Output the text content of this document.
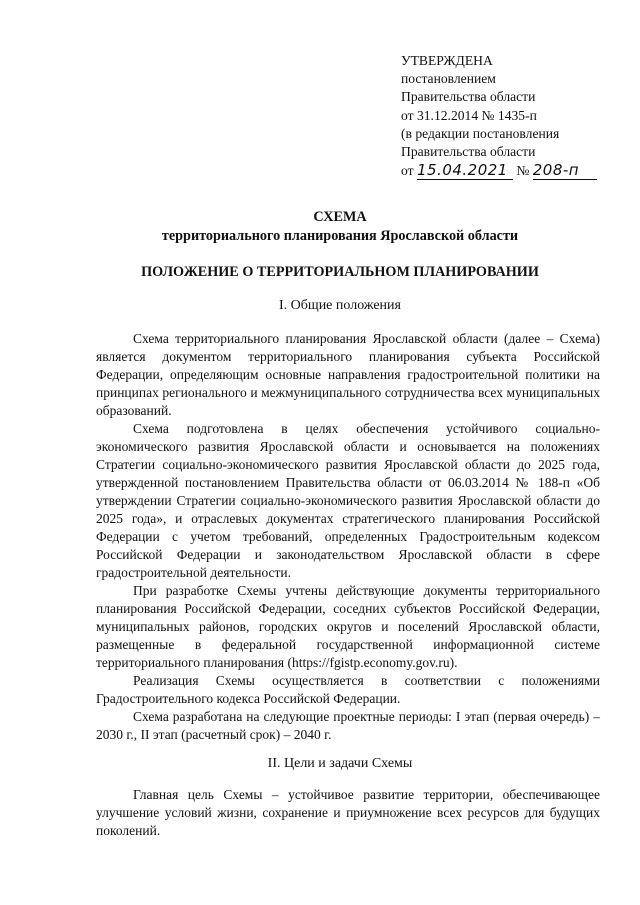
УТВЕРЖДЕНА
постановлением
Правительства области
от 31.12.2014 № 1435-п
(в редакции постановления
Правительства области
от 15.04.2021 № 208-п
СХЕМА
территориального планирования Ярославской области
ПОЛОЖЕНИЕ О ТЕРРИТОРИАЛЬНОМ ПЛАНИРОВАНИИ
I. Общие положения

Схема территориального планирования Ярославской области (далее – Схема) является документом территориального планирования субъекта Российской Федерации, определяющим основные направления градостроительной политики на принципах регионального и межмуниципального сотрудничества всех муниципальных образований.

Схема подготовлена в целях обеспечения устойчивого социально-экономического развития Ярославской области и основывается на положениях Стратегии социально-экономического развития Ярославской области до 2025 года, утвержденной постановлением Правительства области от 06.03.2014 № 188-п «Об утверждении Стратегии социально-экономического развития Ярославской области до 2025 года», и отраслевых документах стратегического планирования Российской Федерации с учетом требований, определенных Градостроительным кодексом Российской Федерации и законодательством Ярославской области в сфере градостроительной деятельности.

При разработке Схемы учтены действующие документы территориального планирования Российской Федерации, соседних субъектов Российской Федерации, муниципальных районов, городских округов и поселений Ярославской области, размещенные в федеральной государственной информационной системе территориального планирования (https://fgistp.economy.gov.ru).

Реализация Схемы осуществляется в соответствии с положениями Градостроительного кодекса Российской Федерации.

Схема разработана на следующие проектные периоды: I этап (первая очередь) – 2030 г., II этап (расчетный срок) – 2040 г.

II. Цели и задачи Схемы

Главная цель Схемы – устойчивое развитие территории, обеспечивающее улучшение условий жизни, сохранение и приумножение всех ресурсов для будущих поколений.
